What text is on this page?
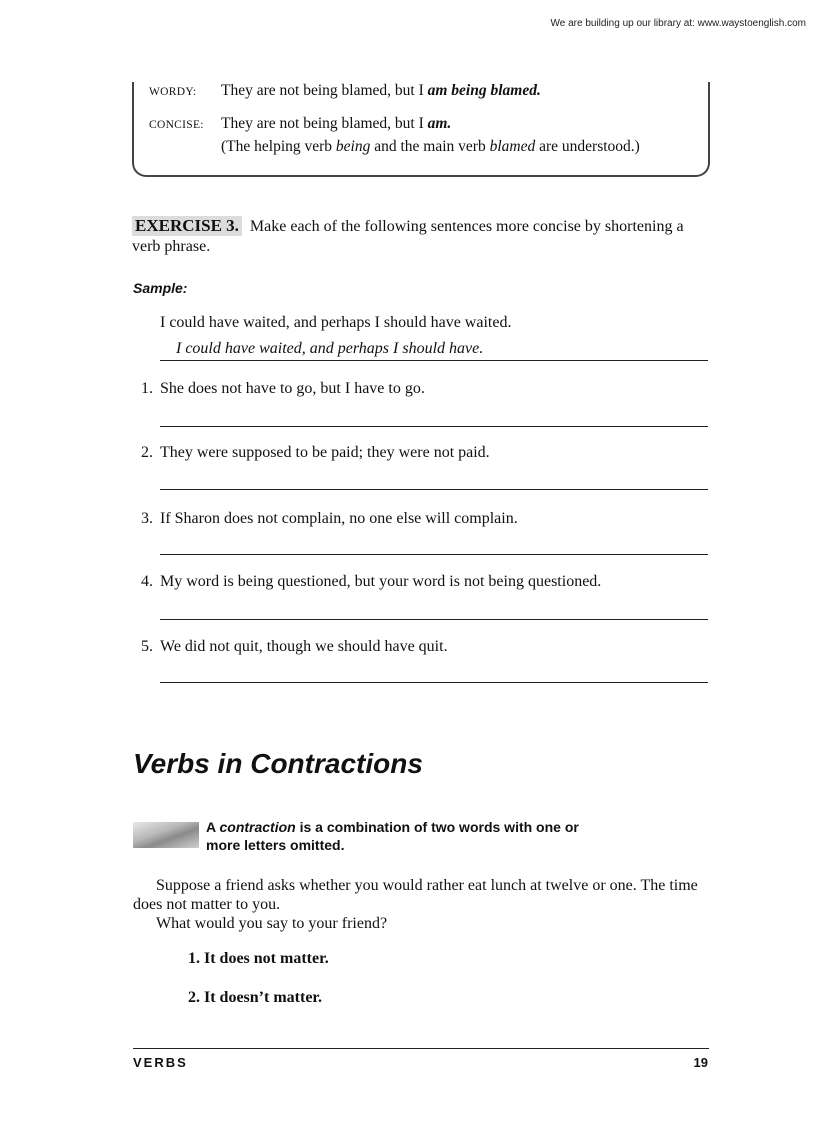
We are building up our library at: www.waystoenglish.com
WORDY:	They are not being blamed, but I am being blamed.
CONCISE:	They are not being blamed, but I am.
(The helping verb being and the main verb blamed are understood.)
EXERCISE 3. Make each of the following sentences more concise by shortening a verb phrase.
Sample:
I could have waited, and perhaps I should have waited.
I could have waited, and perhaps I should have.
1. She does not have to go, but I have to go.
2. They were supposed to be paid; they were not paid.
3. If Sharon does not complain, no one else will complain.
4. My word is being questioned, but your word is not being questioned.
5. We did not quit, though we should have quit.
Verbs in Contractions
A contraction is a combination of two words with one or more letters omitted.
Suppose a friend asks whether you would rather eat lunch at twelve or one. The time does not matter to you.
What would you say to your friend?
1. It does not matter.
2. It doesn’t matter.
VERBS	19
